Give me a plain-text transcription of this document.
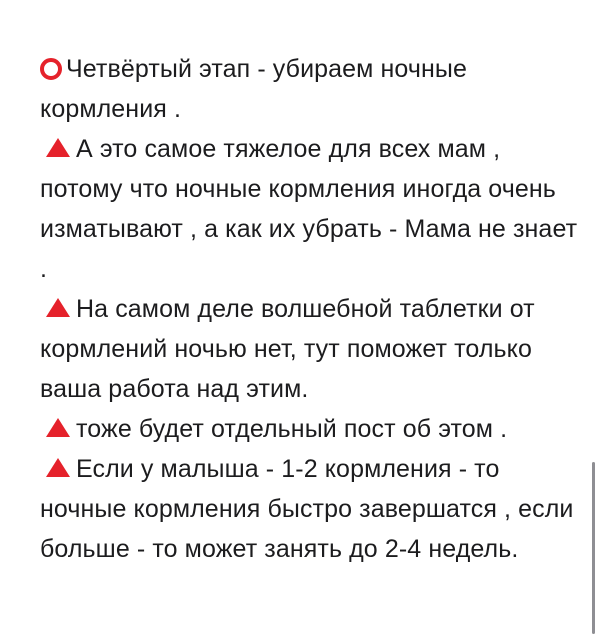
Четвёртый этап - убираем ночные кормления .

А это самое тяжелое для всех мам , потому что ночные кормления иногда очень изматывают , а как их убрать - Мама не знает .

На самом деле волшебной таблетки от кормлений ночью нет, тут поможет только ваша работа над этим.

тоже будет отдельный пост об этом .

Если у малыша - 1-2 кормления - то ночные кормления быстро завершатся , если больше - то может занять до 2-4 недель.
